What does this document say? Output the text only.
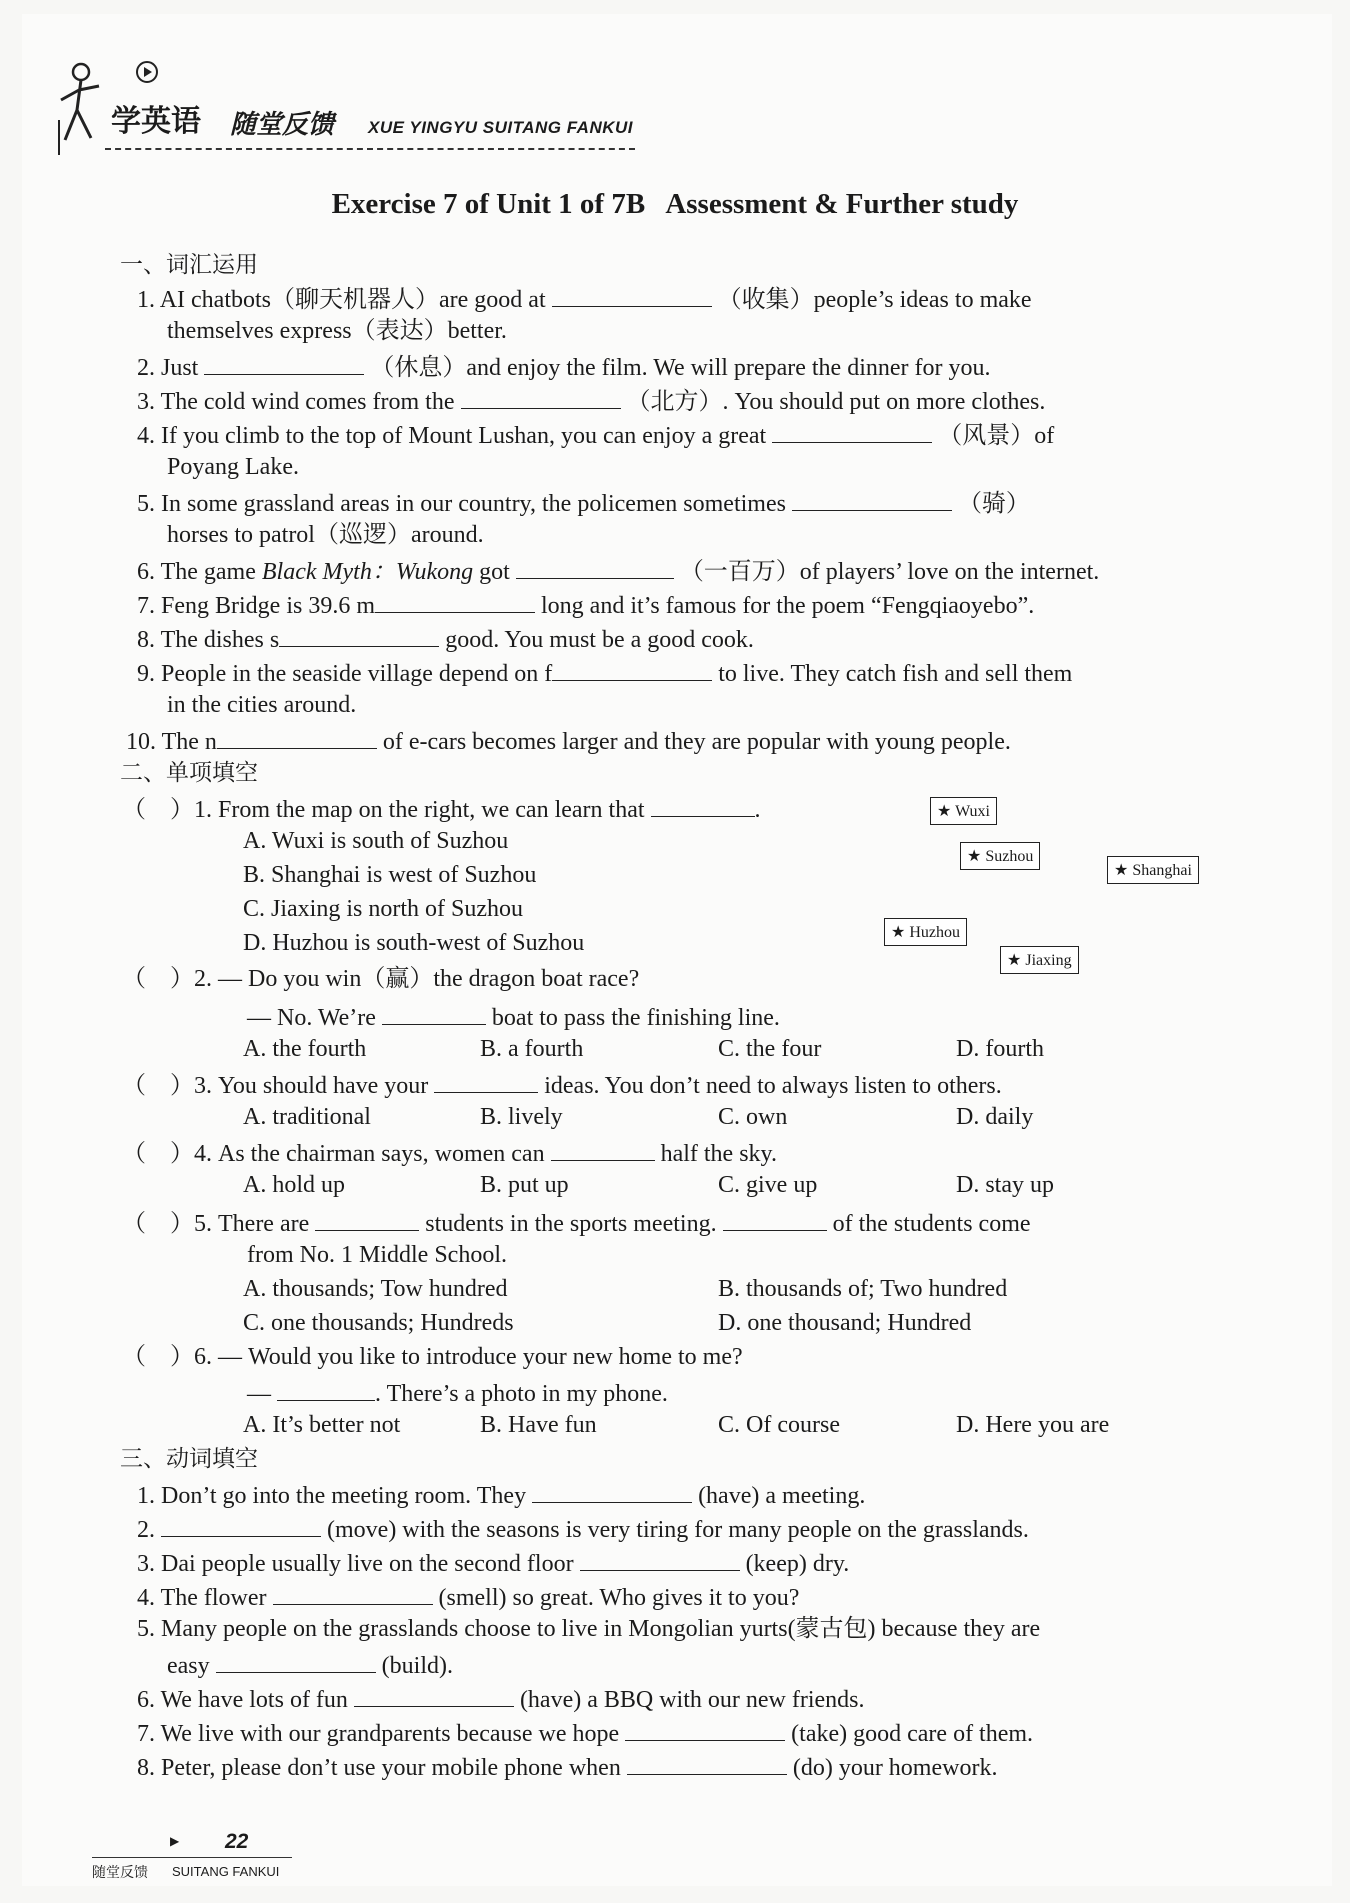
学英语 随堂反馈 XUE YINGYU SUITANG FANKUI
Exercise 7 of Unit 1 of 7B   Assessment & Further study
一、词汇运用
1. AI chatbots（聊天机器人）are good at	（收集）people’s ideas to make
themselves express（表达）better.
2. Just	（休息）and enjoy the film. We will prepare the dinner for you.
3. The cold wind comes from the	（北方）. You should put on more clothes.
4. If you climb to the top of Mount Lushan, you can enjoy a great	（风景）of
Poyang Lake.
5. In some grassland areas in our country, the policemen sometimes	（骑）
horses to patrol（巡逻）around.
6. The game Black Myth：Wukong got	（一百万）of players’ love on the internet.
7. Feng Bridge is 39.6 m	long and it’s famous for the poem “Fengqiaoyebo”.
8. The dishes s	good. You must be a good cook.
9. People in the seaside village depend on f	to live. They catch fish and sell them
in the cities around.
10. The n	of e-cars becomes larger and they are popular with young people.
二、单项填空
（    ）1. From the map on the right, we can learn that	.
A. Wuxi is south of Suzhou
B. Shanghai is west of Suzhou
C. Jiaxing is north of Suzhou
D. Huzhou is south-west of Suzhou
★ Wuxi
★ Suzhou
★ Shanghai
★ Huzhou
★ Jiaxing
（    ）2. — Do you win（赢）the dragon boat race?
— No. We’re	boat to pass the finishing line.
A. the fourth	B. a fourth	C. the four	D. fourth
（    ）3. You should have your	ideas. You don’t need to always listen to others.
A. traditional	B. lively	C. own	D. daily
（    ）4. As the chairman says, women can	half the sky.
A. hold up	B. put up	C. give up	D. stay up
（    ）5. There are	students in the sports meeting.	of the students come
from No. 1 Middle School.
A. thousands; Tow hundred	B. thousands of; Two hundred
C. one thousands; Hundreds	D. one thousand; Hundred
（    ）6. — Would you like to introduce your new home to me?
—	. There’s a photo in my phone.
A. It’s better not	B. Have fun	C. Of course	D. Here you are
三、动词填空
1. Don’t go into the meeting room. They	(have) a meeting.
2.	(move) with the seasons is very tiring for many people on the grasslands.
3. Dai people usually live on the second floor	(keep) dry.
4. The flower	(smell) so great. Who gives it to you?
5. Many people on the grasslands choose to live in Mongolian yurts(蒙古包) because they are
easy	(build).
6. We have lots of fun	(have) a BBQ with our new friends.
7. We live with our grandparents because we hope	(take) good care of them.
8. Peter, please don’t use your mobile phone when	(do) your homework.
▶ 22
随堂反馈 SUITANG FANKUI
